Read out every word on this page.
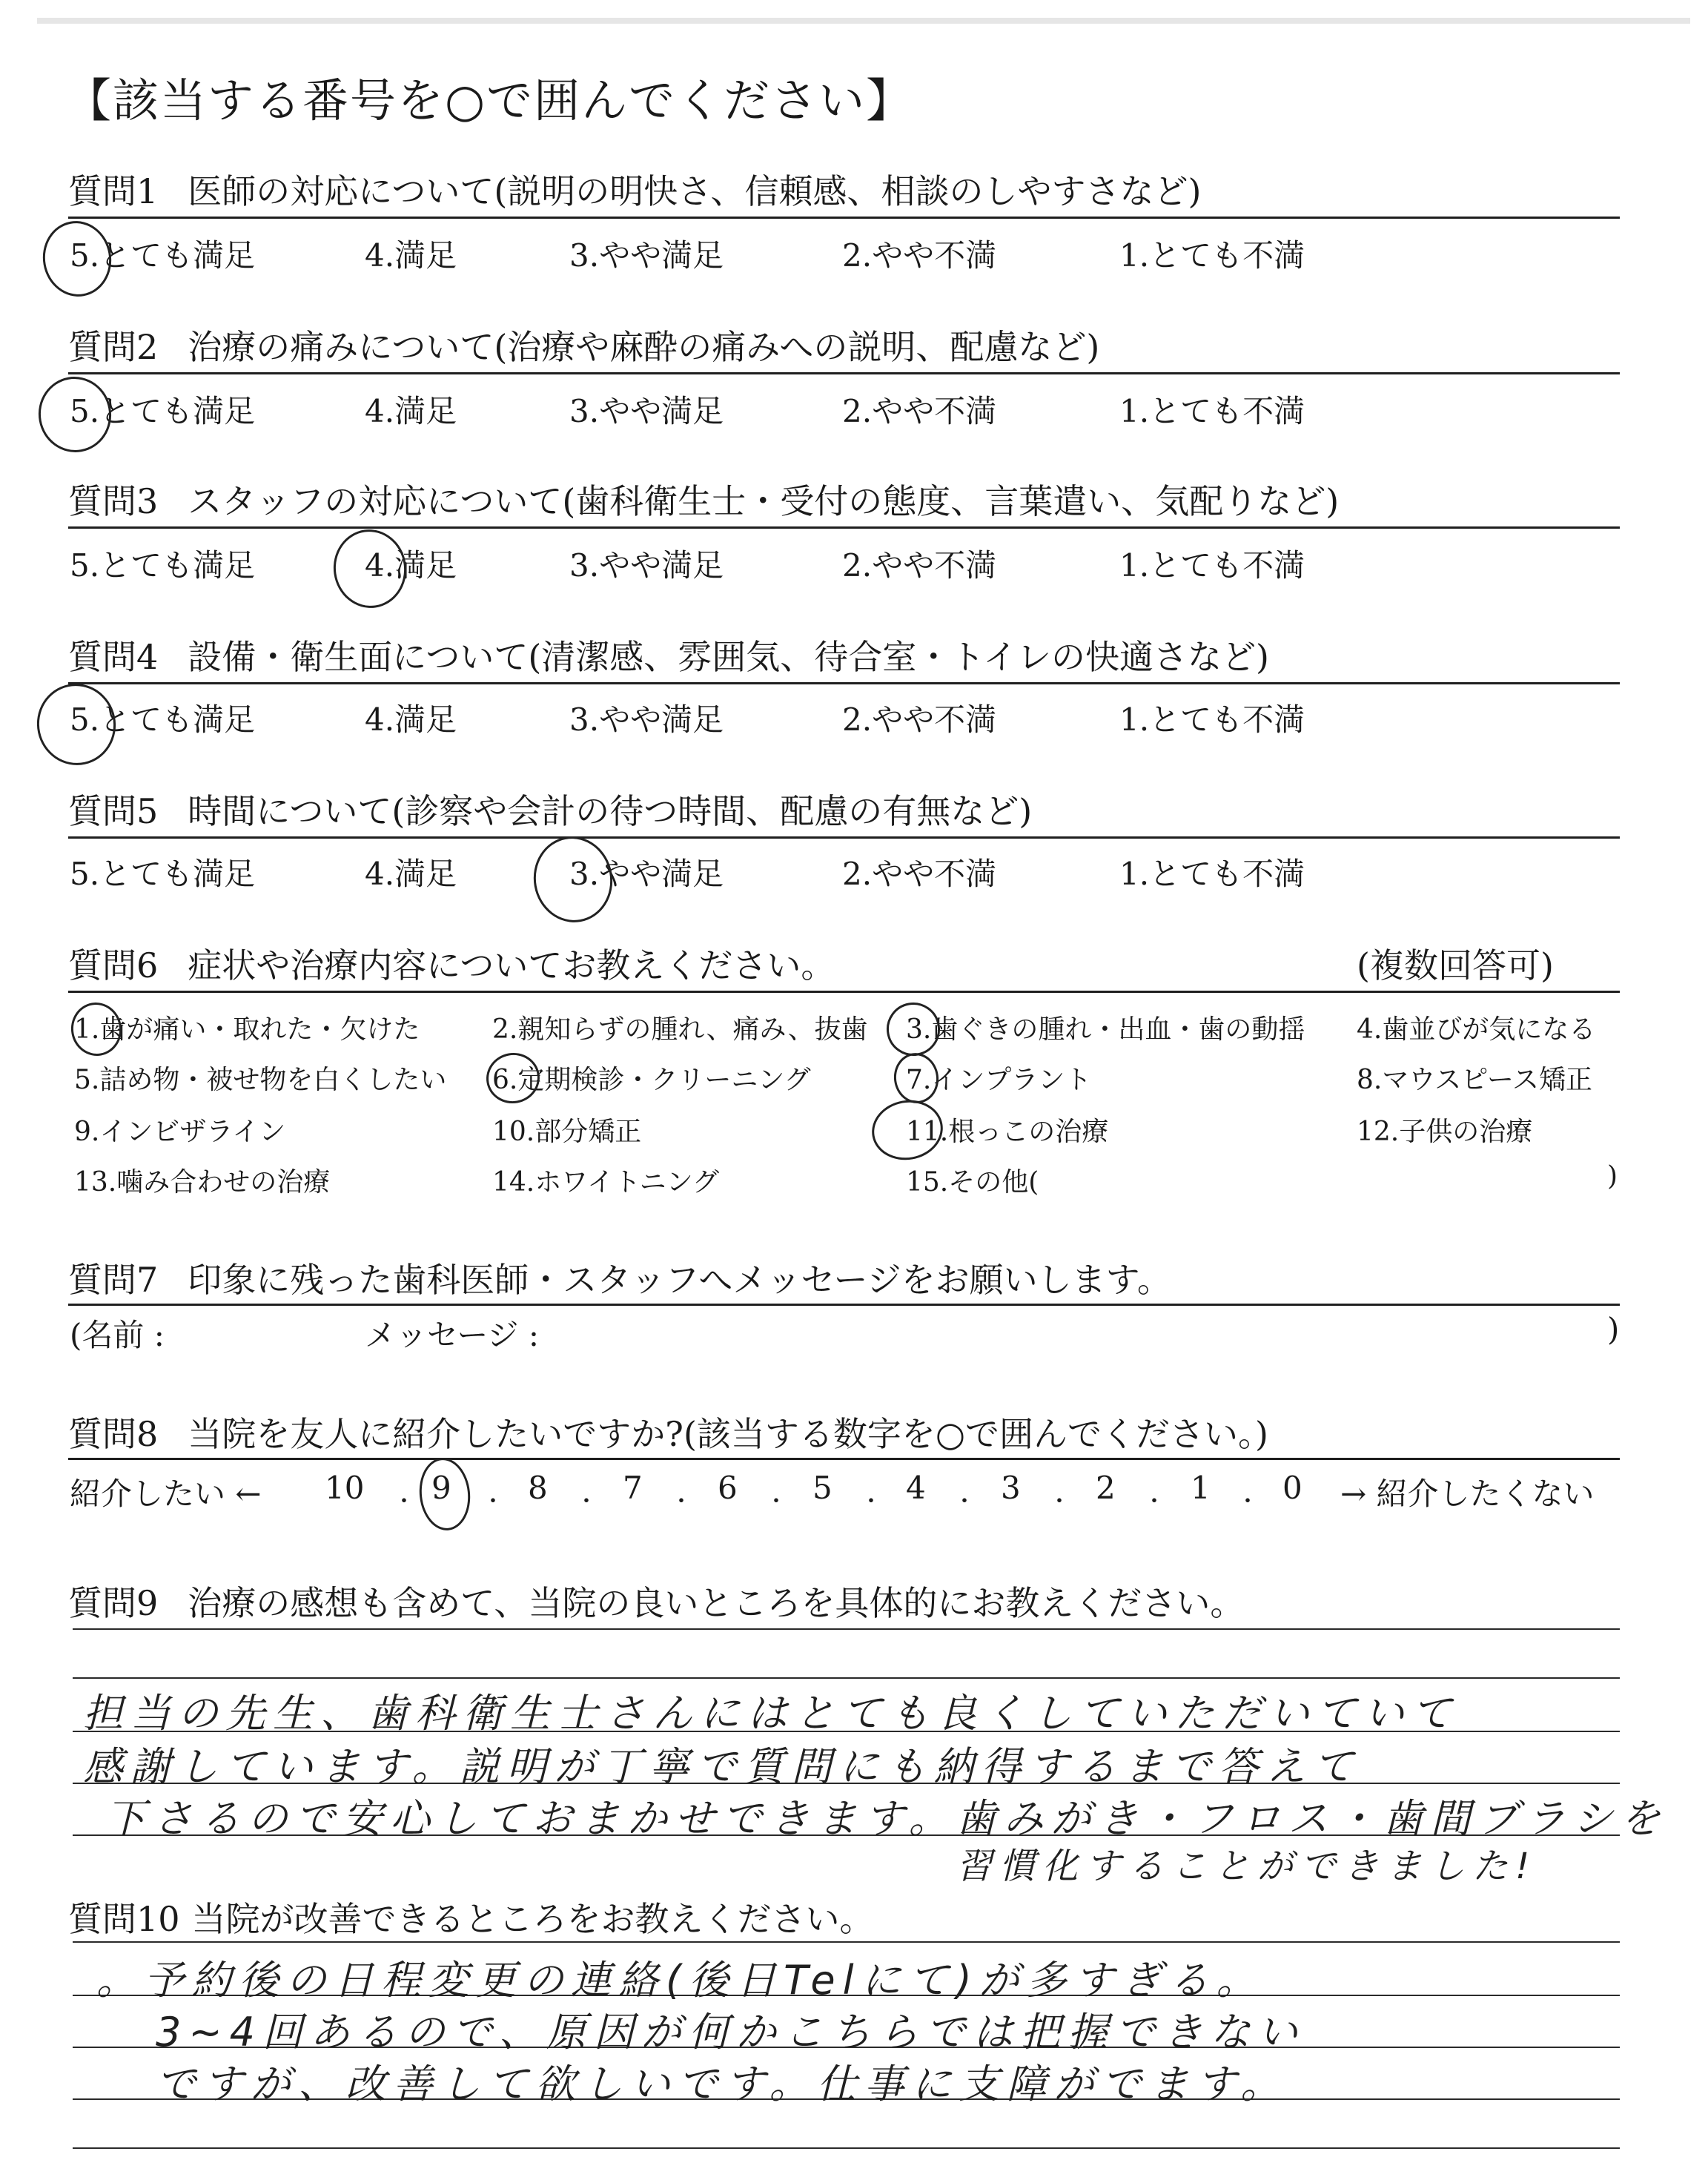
【該当する番号を○で囲んでください】
質問1 医師の対応について(説明の明快さ、信頼感、相談のしやすさなど)
5.とても満足	4.満足	3.やや満足	2.やや不満	1.とても不満
質問2 治療の痛みについて(治療や麻酔の痛みへの説明、配慮など)
5.とても満足	4.満足	3.やや満足	2.やや不満	1.とても不満
質問3 スタッフの対応について(歯科衛生士・受付の態度、言葉遣い、気配りなど)
5.とても満足	4.満足	3.やや満足	2.やや不満	1.とても不満
質問4 設備・衛生面について(清潔感、雰囲気、待合室・トイレの快適さなど)
5.とても満足	4.満足	3.やや満足	2.やや不満	1.とても不満
質問5 時間について(診察や会計の待つ時間、配慮の有無など)
5.とても満足	4.満足	3.やや満足	2.やや不満	1.とても不満
質問6 症状や治療内容についてお教えください。	(複数回答可)
1.歯が痛い・取れた・欠けた	2.親知らずの腫れ、痛み、抜歯 3.歯ぐきの腫れ・出血・歯の動揺 4.歯並びが気になる
5.詰め物・被せ物を白くしたい 6.定期検診・クリーニング	7.インプラント	8.マウスピース矯正
9.インビザライン	10.部分矯正	11.根っこの治療	12.子供の治療
13.噛み合わせの治療	14.ホワイトニング	15.その他(	)
質問7 印象に残った歯科医師・スタッフへメッセージをお願いします。
(名前 :	メッセージ :	)
質問8 当院を友人に紹介したいですか?(該当する数字を○で囲んでください。)
紹介したい ← 10 9 8 7 6 5 4 3 2 1 0 → 紹介したくない
・	・	・	・	・	・	・	・	・	・
質問9 治療の感想も含めて、当院の良いところを具体的にお教えください。
担当の先生、歯科衛生士さんにはとても良くしていただいていて
感謝しています。説明が丁寧で質問にも納得するまで答えて
下さるので安心しておまかせできます。歯みがき・フロス・歯間ブラシを
習慣化することができました!
質問10 当院が改善できるところをお教えください。
。予約後の日程変更の連絡(後日Telにて)が多すぎる。
3~4回あるので、原因が何かこちらでは把握できない
ですが、改善して欲しいです。仕事に支障がでます。
